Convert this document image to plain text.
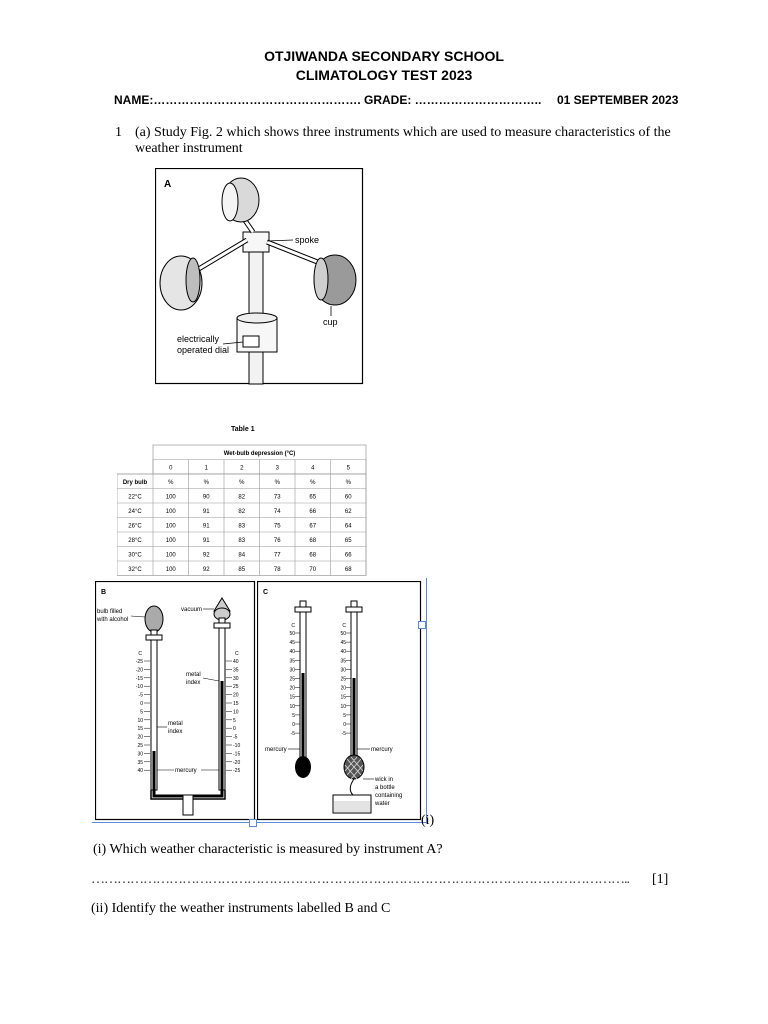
OTJIWANDA SECONDARY SCHOOL
CLIMATOLOGY TEST 2023
NAME:……………………………………………. GRADE: ………………………….. 01 SEPTEMBER 2023
1 (a) Study Fig. 2 which shows three instruments which are used to measure characteristics of the
weather instrument
A
spoke
cup
electrically
operated dial
Table 1
Wet-bulb depression (°C)
0	1	2	3	4	5
Dry bulb	%	%	%	%	%	%
22°C	100	90	82	73	65	60
24°C	100	91	82	74	66	62
26°C	100	91	83	75	67	64
28°C	100	91	83	76	68	65
30°C	100	92	84	77	68	66
32°C	100	92	85	78	70	68
B
C	C
-25
-20
-15
-10
-5
0
5
10
15
20
25
30
35
40
40
35
30
25
20
15
10
5
0
-5
-10
-15
-20
-25
bulb filled
with alcohol
vacuum
metal
index
metal
index
mercury
C
C	C
50	50
45	45
40	40
35	35
30	30
25	25
20	20
15	15
10	10
5	5
0	0
-5	-5
mercury	mercury
wick in
a bottle
containing
water
(i)
(i) Which weather characteristic is measured by instrument A?
……………………………………………………………………………………………………………..	[1]
(ii) Identify the weather instruments labelled B and C
